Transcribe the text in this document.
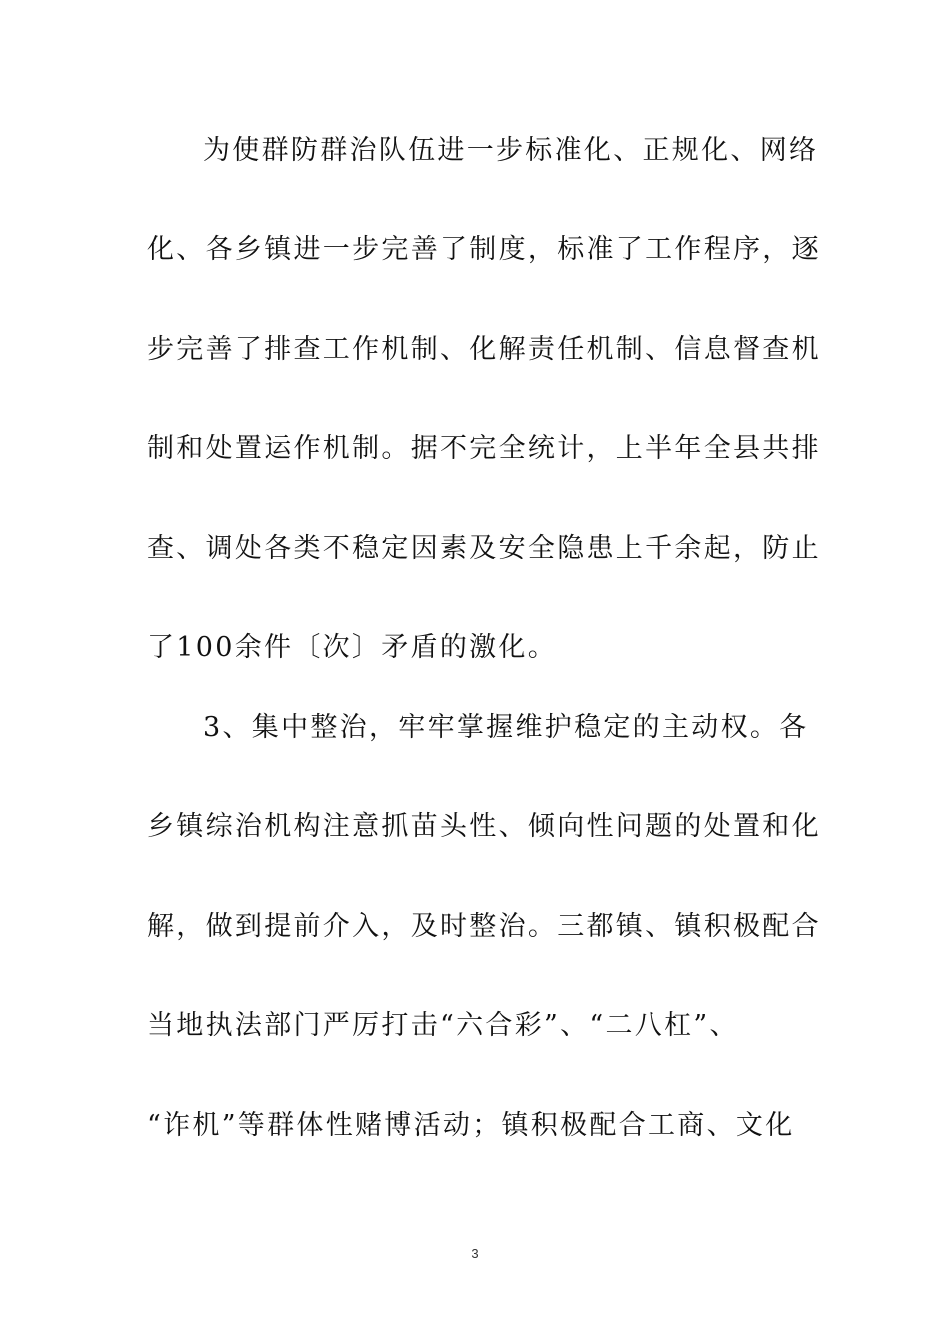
为使群防群治队伍进一步标准化、正规化、网络
化、各乡镇进一步完善了制度，标准了工作程序，逐
步完善了排查工作机制、化解责任机制、信息督查机
制和处置运作机制。据不完全统计，上半年全县共排
查、调处各类不稳定因素及安全隐患上千余起，防止
了100余件〔次〕矛盾的激化。
3、集中整治，牢牢掌握维护稳定的主动权。各
乡镇综治机构注意抓苗头性、倾向性问题的处置和化
解，做到提前介入，及时整治。三都镇、镇积极配合
当地执法部门严厉打击“六合彩”、“二八杠”、
“诈机”等群体性赌博活动；镇积极配合工商、文化
3
